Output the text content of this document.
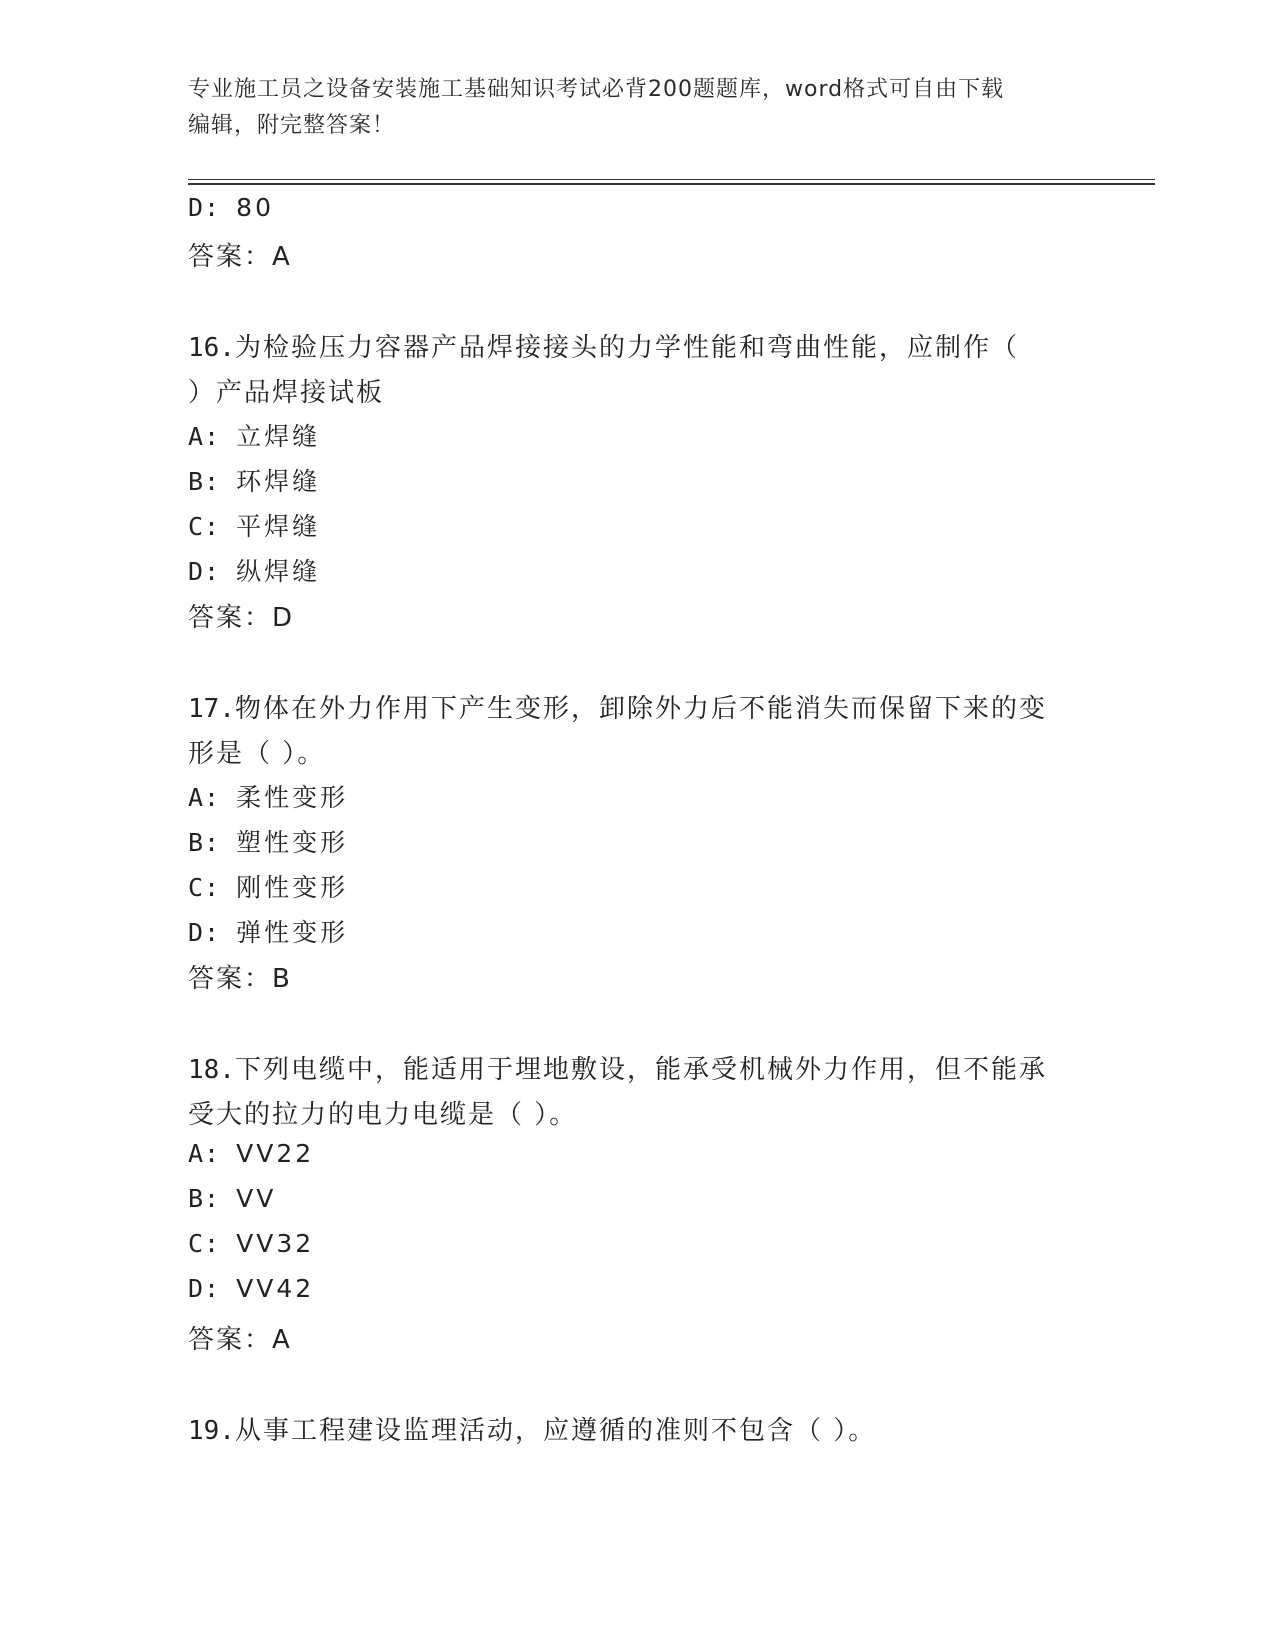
专业施工员之设备安装施工基础知识考试必背200题题库，word格式可自由下载
编辑，附完整答案！
D: 80
答案：A
16.为检验压力容器产品焊接接头的力学性能和弯曲性能，应制作（
）产品焊接试板
A: 立焊缝
B: 环焊缝
C: 平焊缝
D: 纵焊缝
答案：D
17.物体在外力作用下产生变形，卸除外力后不能消失而保留下来的变
形是（ ）。
A: 柔性变形
B: 塑性变形
C: 刚性变形
D: 弹性变形
答案：B
18.下列电缆中，能适用于埋地敷设，能承受机械外力作用，但不能承
受大的拉力的电力电缆是（ ）。
A: VV22
B: VV
C: VV32
D: VV42
答案：A
19.从事工程建设监理活动，应遵循的准则不包含（ ）。
